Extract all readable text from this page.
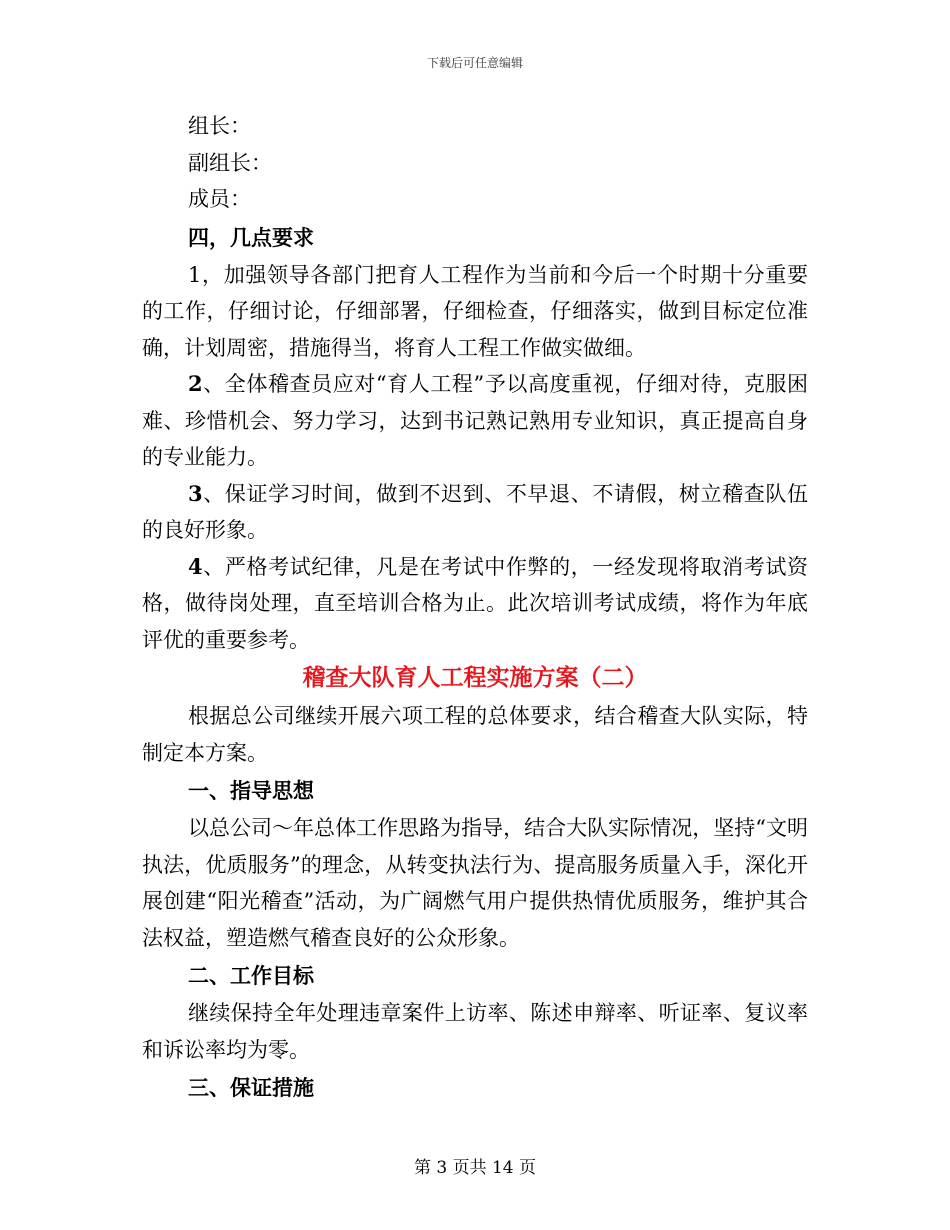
下载后可任意编辑

组长：

副组长：

成员：

四，几点要求

1，加强领导各部门把育人工程作为当前和今后一个时期十分重要的工作，仔细讨论，仔细部署，仔细检查，仔细落实，做到目标定位准确，计划周密，措施得当，将育人工程工作做实做细。

2、全体稽查员应对“育人工程”予以高度重视，仔细对待，克服困难、珍惜机会、努力学习，达到书记熟记熟用专业知识，真正提高自身的专业能力。

3、保证学习时间，做到不迟到、不早退、不请假，树立稽查队伍的良好形象。

4、严格考试纪律，凡是在考试中作弊的，一经发现将取消考试资格，做待岗处理，直至培训合格为止。此次培训考试成绩，将作为年底评优的重要参考。

稽查大队育人工程实施方案（二）

根据总公司继续开展六项工程的总体要求，结合稽查大队实际，特制定本方案。

一、指导思想

以总公司～年总体工作思路为指导，结合大队实际情况，坚持“文明执法，优质服务”的理念，从转变执法行为、提高服务质量入手，深化开展创建“阳光稽查”活动，为广阔燃气用户提供热情优质服务，维护其合法权益，塑造燃气稽查良好的公众形象。

二、工作目标

继续保持全年处理违章案件上访率、陈述申辩率、听证率、复议率和诉讼率均为零。

三、保证措施
第 3 页共 14 页
